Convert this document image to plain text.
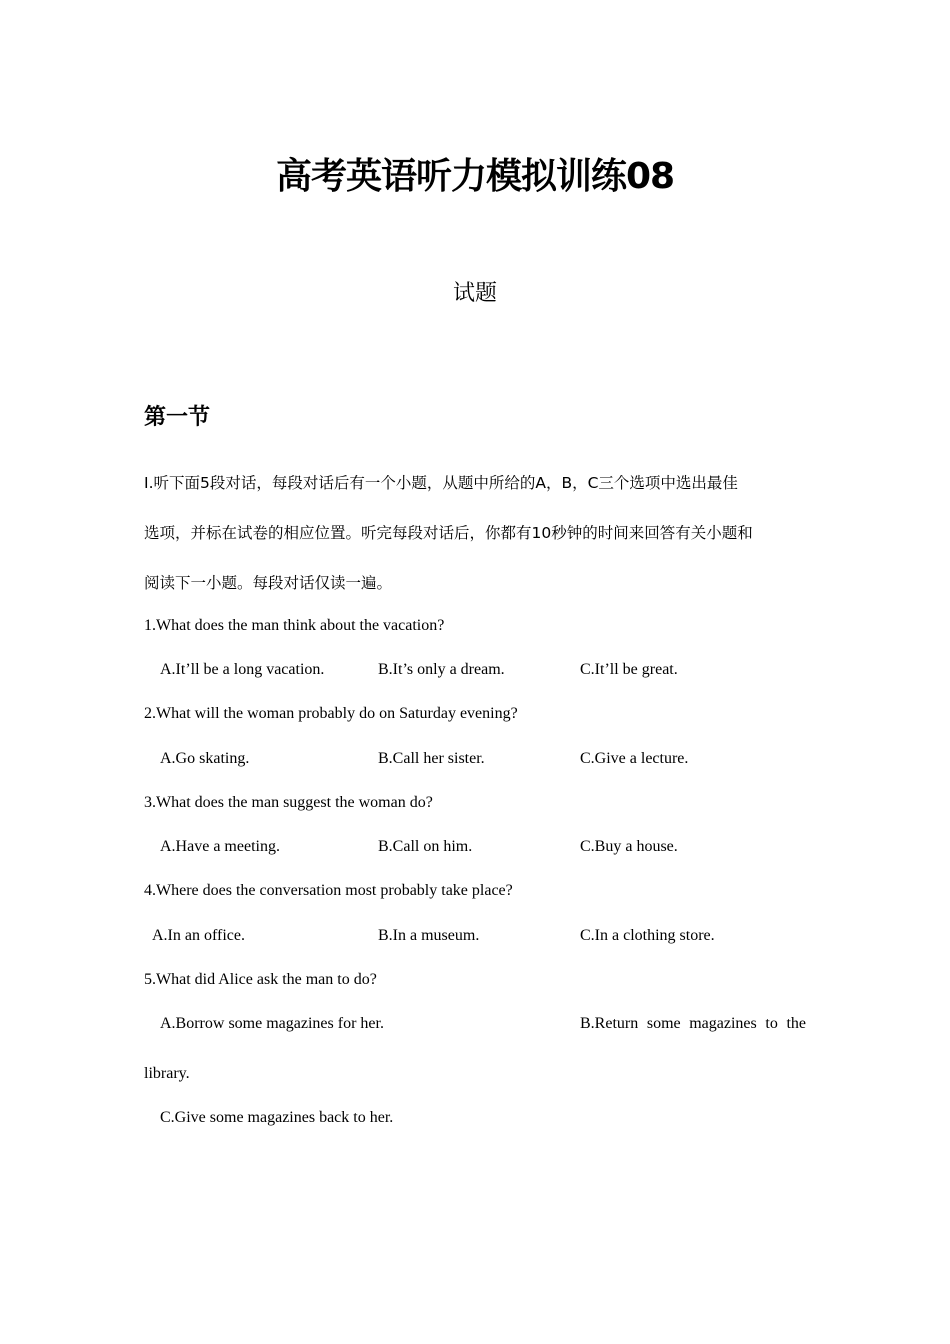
高考英语听力模拟训练08
试题
第一节
Ⅰ.听下面5段对话，每段对话后有一个小题，从题中所给的A，B，C三个选项中选出最佳
选项，并标在试卷的相应位置。听完每段对话后，你都有10秒钟的时间来回答有关小题和
阅读下一小题。每段对话仅读一遍。
1.What does the man think about the vacation?
A.It’ll be a long vacation.	B.It’s only a dream.	C.It’ll be great.
2.What will the woman probably do on Saturday evening?
A.Go skating.	B.Call her sister.	C.Give a lecture.
3.What does the man suggest the woman do?
A.Have a meeting.	B.Call on him.	C.Buy a house.
4.Where does the conversation most probably take place?
A.In an office.	B.In a museum.	C.In a clothing store.
5.What did Alice ask the man to do?
A.Borrow some magazines for her.	B.Return some magazines to the
library.
C.Give some magazines back to her.
